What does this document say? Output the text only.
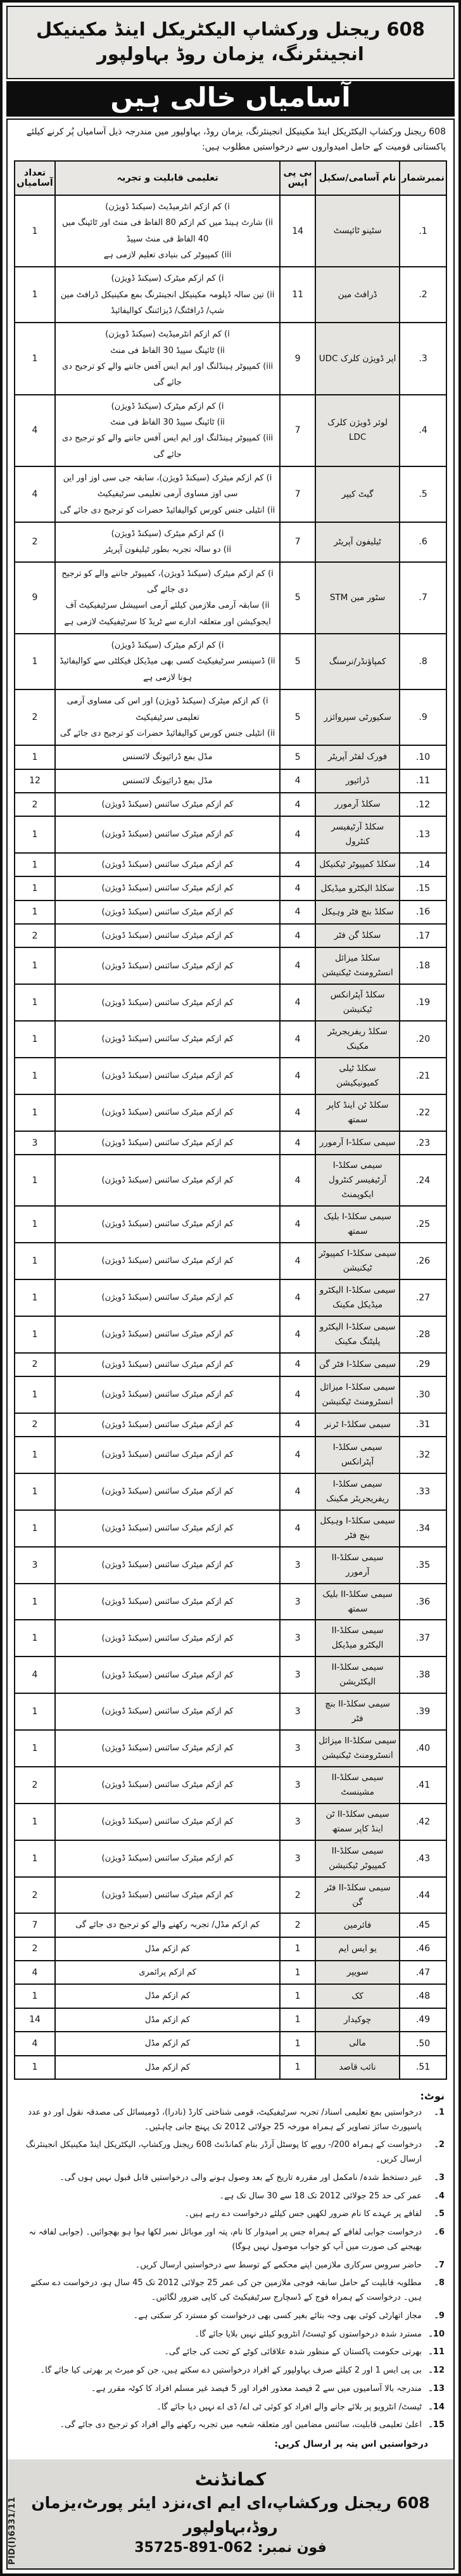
608 ریجنل ورکشاپ الیکٹریکل اینڈ مکینیکل انجینئرنگ، یزمان روڈ بہاولپور
آسامیاں خالی ہیں
608 ریجنل ورکشاپ الیکٹریکل اینڈ مکینیکل انجینئرنگ، یزمان روڈ، بہاولپور میں مندرجہ ذیل آسامیاں پُر کرنے کیلئے پاکستانی قومیت کے حامل امیدواروں سے درخواستیں مطلوب ہیں:
نمبرشمار	نام آسامی/سکیل	بی پی ایس	تعلیمی قابلیت و تجربہ	تعداد آسامیاں
1.	سٹینو ٹائپسٹ	14	i) کم ازکم انٹرمیڈیٹ (سیکنڈ ڈویژن)
ii) شارٹ ہینڈ میں کم ازکم 80 الفاظ فی منٹ اور ٹائپنگ میں 40 الفاظ فی منٹ سپیڈ
iii) کمپیوٹر کی بنیادی تعلیم لازمی ہے	1
2.	ڈرافٹ مین	11	i) کم ازکم میٹرک (سیکنڈ ڈویژن)
ii) تین سالہ ڈپلومہ مکینیکل انجینئرنگ بمع مکینیکل ڈرافٹ مین شپ/ ڈرافٹنگ/ ڈیزائننگ کوالیفائیڈ	1
3.	اپر ڈویژن کلرک UDC	9	i) کم ازکم انٹرمیڈیٹ (سیکنڈ ڈویژن)
ii) ٹائپنگ سپیڈ 30 الفاظ فی منٹ
iii) کمپیوٹر ہینڈلنگ اور ایم ایس آفس جاننے والے کو ترجیح دی جائے گی	1
4.	لوئر ڈویژن کلرک LDC	7	i) کم ازکم میٹرک (سیکنڈ ڈویژن)
ii) ٹائپنگ سپیڈ 30 الفاظ فی منٹ
iii) کمپیوٹر ہینڈلنگ اور ایم ایس آفس جاننے والے کو ترجیح دی جائے گی	4
5.	گیٹ کیپر	7	i) کم ازکم میٹرک (سیکنڈ ڈویژن)، سابقہ جی سی اوز اور این سی اوز مساوی آرمی تعلیمی سرٹیفیکیٹ
ii) انٹیلی جنس کورس کوالیفائیڈ حضرات کو ترجیح دی جائے گی	4
6.	ٹیلیفون آپریٹر	7	i) کم ازکم میٹرک (سیکنڈ ڈویژن)
ii) دو سالہ تجربہ بطور ٹیلیفون آپریٹر	2
7.	سٹور مین STM	5	i) کم ازکم میٹرک (سیکنڈ ڈویژن)، کمپیوٹر جاننے والے کو ترجیح دی جائے گی
ii) سابقہ آرمی ملازمین کیلئے آرمی اسپیشل سرٹیفیکیٹ آف ایجوکیشن اور متعلقہ ادارے سے ٹریڈ کا سرٹیفیکیٹ لازمی ہے	9
8.	کمپاؤنڈر/نرسنگ	5	i) کم ازکم میٹرک (سیکنڈ ڈویژن)
ii) ڈسپنسر سرٹیفیکیٹ کسی بھی میڈیکل فیکلٹی سے کوالیفائیڈ ہونا لازمی ہے	1
9.	سکیورٹی سپروائزر	5	i) کم ازکم میٹرک (سیکنڈ ڈویژن) اور اس کی مساوی آرمی تعلیمی سرٹیفیکیٹ
ii) انٹیلی جنس کورس کوالیفائیڈ حضرات کو ترجیح دی جائے گی	2
10.	فورک لفٹر آپریٹر	5	مڈل بمع ڈرائیونگ لائسنس	1
11.	ڈرائیور	4	مڈل بمع ڈرائیونگ لائسنس	12
12.	سکلڈ آرمورر	4	کم ازکم میٹرک سائنس (سیکنڈ ڈویژن)	2
13.	سکلڈ آرٹیفیسر کنٹرول	4	کم ازکم میٹرک سائنس (سیکنڈ ڈویژن)	1
14.	سکلڈ کمپیوٹر ٹیکنیکل	4	کم ازکم میٹرک سائنس (سیکنڈ ڈویژن)	1
15.	سکلڈ الیکٹرو میڈیکل	4	کم ازکم میٹرک سائنس (سیکنڈ ڈویژن)	1
16.	سکلڈ بنچ فٹر وہیکل	4	کم ازکم میٹرک سائنس (سیکنڈ ڈویژن)	1
17.	سکلڈ گن فٹر	4	کم ازکم میٹرک سائنس (سیکنڈ ڈویژن)	2
18.	سکلڈ میزائل انسٹرومنٹ ٹیکنیشن	4	کم ازکم میٹرک سائنس (سیکنڈ ڈویژن)	1
19.	سکلڈ آپٹرانکس ٹیکنیشن	4	کم ازکم میٹرک سائنس (سیکنڈ ڈویژن)	1
20.	سکلڈ ریفریجریٹر مکینک	4	کم ازکم میٹرک سائنس (سیکنڈ ڈویژن)	1
21.	سکلڈ ٹیلی کمیونیکیشن	4	کم ازکم میٹرک سائنس (سیکنڈ ڈویژن)	1
22.	سکلڈ ٹن اینڈ کاپر سمتھ	4	کم ازکم میٹرک سائنس (سیکنڈ ڈویژن)	1
23.	سیمی سکلڈ-I آرمورر	4	کم ازکم میٹرک سائنس (سیکنڈ ڈویژن)	3
24.	سیمی سکلڈ-I آرٹیفیسر کنٹرول ایکوپمنٹ	4	کم ازکم میٹرک سائنس (سیکنڈ ڈویژن)	1
25.	سیمی سکلڈ-I بلیک سمتھ	4	کم ازکم میٹرک سائنس (سیکنڈ ڈویژن)	1
26.	سیمی سکلڈ-I کمپیوٹر ٹیکنیشن	4	کم ازکم میٹرک سائنس (سیکنڈ ڈویژن)	1
27.	سیمی سکلڈ-I الیکٹرو میڈیکل مکینک	4	کم ازکم میٹرک سائنس (سیکنڈ ڈویژن)	1
28.	سیمی سکلڈ-I الیکٹرو پلیٹنگ مکینک	4	کم ازکم میٹرک سائنس (سیکنڈ ڈویژن)	1
29.	سیمی سکلڈ-I فٹر گن	4	کم ازکم میٹرک سائنس (سیکنڈ ڈویژن)	2
30.	سیمی سکلڈ-I میزائل انسٹرومنٹ ٹیکنیشن	4	کم ازکم میٹرک سائنس (سیکنڈ ڈویژن)	1
31.	سیمی سکلڈ-I ٹرنر	4	کم ازکم میٹرک سائنس (سیکنڈ ڈویژن)	2
32.	سیمی سکلڈ-I آپٹرانکس	4	کم ازکم میٹرک سائنس (سیکنڈ ڈویژن)	1
33.	سیمی سکلڈ-I ریفریجریٹر مکینک	4	کم ازکم میٹرک سائنس (سیکنڈ ڈویژن)	1
34.	سیمی سکلڈ-I وہیکل بنچ فٹر	4	کم ازکم میٹرک سائنس (سیکنڈ ڈویژن)	1
35.	سیمی سکلڈ-II آرمورر	3	کم ازکم میٹرک سائنس (سیکنڈ ڈویژن)	3
36.	سیمی سکلڈ-II بلیک سمتھ	3	کم ازکم میٹرک سائنس (سیکنڈ ڈویژن)	1
37.	سیمی سکلڈ-II الیکٹرو میڈیکل	3	کم ازکم میٹرک سائنس (سیکنڈ ڈویژن)	1
38.	سیمی سکلڈ-II الیکٹریشن	3	کم ازکم میٹرک سائنس (سیکنڈ ڈویژن)	4
39.	سیمی سکلڈ-II بنچ فٹر	3	کم ازکم میٹرک سائنس (سیکنڈ ڈویژن)	1
40.	سیمی سکلڈ-II میزائل انسٹرومنٹ ٹیکنیشن	3	کم ازکم میٹرک سائنس (سیکنڈ ڈویژن)	1
41.	سیمی سکلڈ-II مشینسٹ	3	کم ازکم میٹرک سائنس (سیکنڈ ڈویژن)	2
42.	سیمی سکلڈ-II ٹن اینڈ کاپر سمتھ	3	کم ازکم میٹرک سائنس (سیکنڈ ڈویژن)	1
43.	سیمی سکلڈ-II کمپیوٹر ٹیکنیشن	3	کم ازکم میٹرک سائنس (سیکنڈ ڈویژن)	1
44.	سیمی سکلڈ-II فٹر گن	2	کم ازکم میٹرک سائنس (سیکنڈ ڈویژن)	2
45.	فائرمین	2	کم ازکم مڈل/ تجربہ رکھنے والے کو ترجیح دی جائے گی	7
46.	یو ایس ایم	1	کم ازکم مڈل	2
47.	سویپر	1	کم ازکم پرائمری	4
48.	کک	1	کم ازکم مڈل	1
49.	چوکیدار	1	کم ازکم مڈل	14
50.	مالی	1	کم ازکم مڈل	4
51.	نائب قاصد	1	کم ازکم مڈل	1
نوٹ:
1۔
درخواستیں بمع تعلیمی اسناد/ تجربہ سرٹیفیکیٹ، قومی شناختی کارڈ (نادرا)، ڈومیسائل کی مصدقہ نقول اور دو عدد پاسپورٹ سائز تصاویر کے ہمراہ مورخہ 25 جولائی 2012 تک پہنچ جانی چاہئیں۔
2۔
درخواست کے ہمراہ 200/- روپے کا پوسٹل آرڈر بنام کمانڈنٹ 608 ریجنل ورکشاپ، الیکٹریکل اینڈ مکینیکل انجینئرنگ ارسال کریں۔
3۔
غیر دستخط شدہ/ نامکمل اور مقررہ تاریخ کے بعد وصول ہونے والی درخواستیں قابل قبول نہیں ہوں گی۔
4۔
عمر کی حد 25 جولائی 2012 تک 18 سے 30 سال تک ہے۔
5۔
لفافے پر عہدے کا نام ضرور لکھیں جس کیلئے درخواست دے رہے ہیں۔
6۔
درخواست جوابی لفافے کے ہمراہ جس پر امیدوار کا نام، پتہ اور موبائل نمبر لکھا ہوا ہو بھجوائیں۔ (جوابی لفافہ نہ بھیجنے کی صورت میں آپ کو جواب موصول نہیں ہوگا)
7۔
حاضر سروس سرکاری ملازمین اپنے محکمے کے توسط سے درخواستیں ارسال کریں۔
8۔
مطلوبہ قابلیت کے حامل سابقہ فوجی ملازمین جن کی عمر 25 جولائی 2012 تک 45 سال ہو، درخواست دے سکتے ہیں۔ درخواست کے ہمراہ فوج کے ڈسچارج سرٹیفیکیٹ کی کاپی ضرور لگائیں۔
9۔
مجاز اتھارٹی کوئی بھی وجہ بتائے بغیر کسی بھی درخواست کو مسترد کر سکتی ہے۔
10۔
مسترد شدہ درخواستوں کو ٹیسٹ/ انٹرویو کیلئے نہیں بلایا جائے گا۔
11۔
بھرتی حکومت پاکستان کے منظور شدہ علاقائی کوٹے کے تحت کی جائے گی۔
12۔
بی پی ایس 1 اور 2 کیلئے صرف بہاولپور کے افراد درخواستیں دے سکتے ہیں، جن کو میرٹ پر بھرتی کیا جائے گا۔
13۔
مندرجہ بالا آسامیوں میں سے 2 فیصد معذور افراد اور 5 فیصد غیر مسلم افراد کا کوٹہ مقرر ہے۔
14۔
ٹیسٹ/ انٹرویو پر بلائے جانے والے افراد کو کوئی ٹی اے/ ڈی اے نہیں دیا جائے گا۔
15۔
اعلیٰ تعلیمی قابلیت، سائنس مضامین اور متعلقہ شعبہ میں تجربہ رکھنے والے افراد کو ترجیح دی جائے گی۔
درخواستیں اس پتہ پر ارسال کریں:
کمانڈنٹ
608 ریجنل ورکشاپ،ای ایم ای،نزد ایئر پورٹ،یزمان روڈ،بہاولپور
فون نمبر: 062-891-35725
PID(I)6331/11
